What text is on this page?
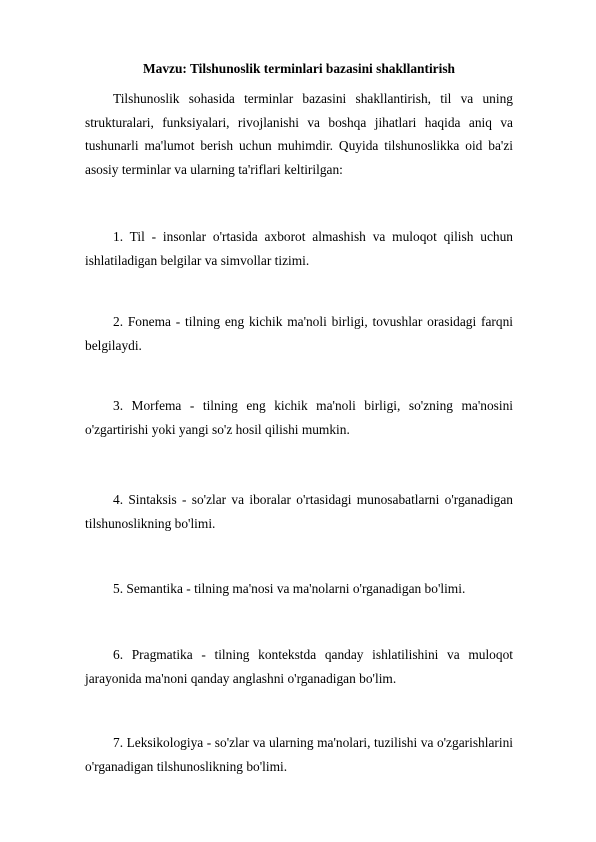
Mavzu: Tilshunoslik terminlari bazasini shakllantirish

Tilshunoslik sohasida terminlar bazasini shakllantirish, til va uning strukturalari, funksiyalari, rivojlanishi va boshqa jihatlari haqida aniq va tushunarli ma'lumot berish uchun muhimdir. Quyida tilshunoslikka oid ba'zi asosiy terminlar va ularning ta'riflari keltirilgan:

1. Til - insonlar o'rtasida axborot almashish va muloqot qilish uchun ishlatiladigan belgilar va simvollar tizimi.

2. Fonema - tilning eng kichik ma'noli birligi, tovushlar orasidagi farqni belgilaydi.

3. Morfema - tilning eng kichik ma'noli birligi, so'zning ma'nosini o'zgartirishi yoki yangi so'z hosil qilishi mumkin.

4. Sintaksis - so'zlar va iboralar o'rtasidagi munosabatlarni o'rganadigan tilshunoslikning bo'limi.

5. Semantika - tilning ma'nosi va ma'nolarni o'rganadigan bo'limi.

6. Pragmatika - tilning kontekstda qanday ishlatilishini va muloqot jarayonida ma'noni qanday anglashni o'rganadigan bo'lim.

7. Leksikologiya - so'zlar va ularning ma'nolari, tuzilishi va o'zgarishlarini o'rganadigan tilshunoslikning bo'limi.
